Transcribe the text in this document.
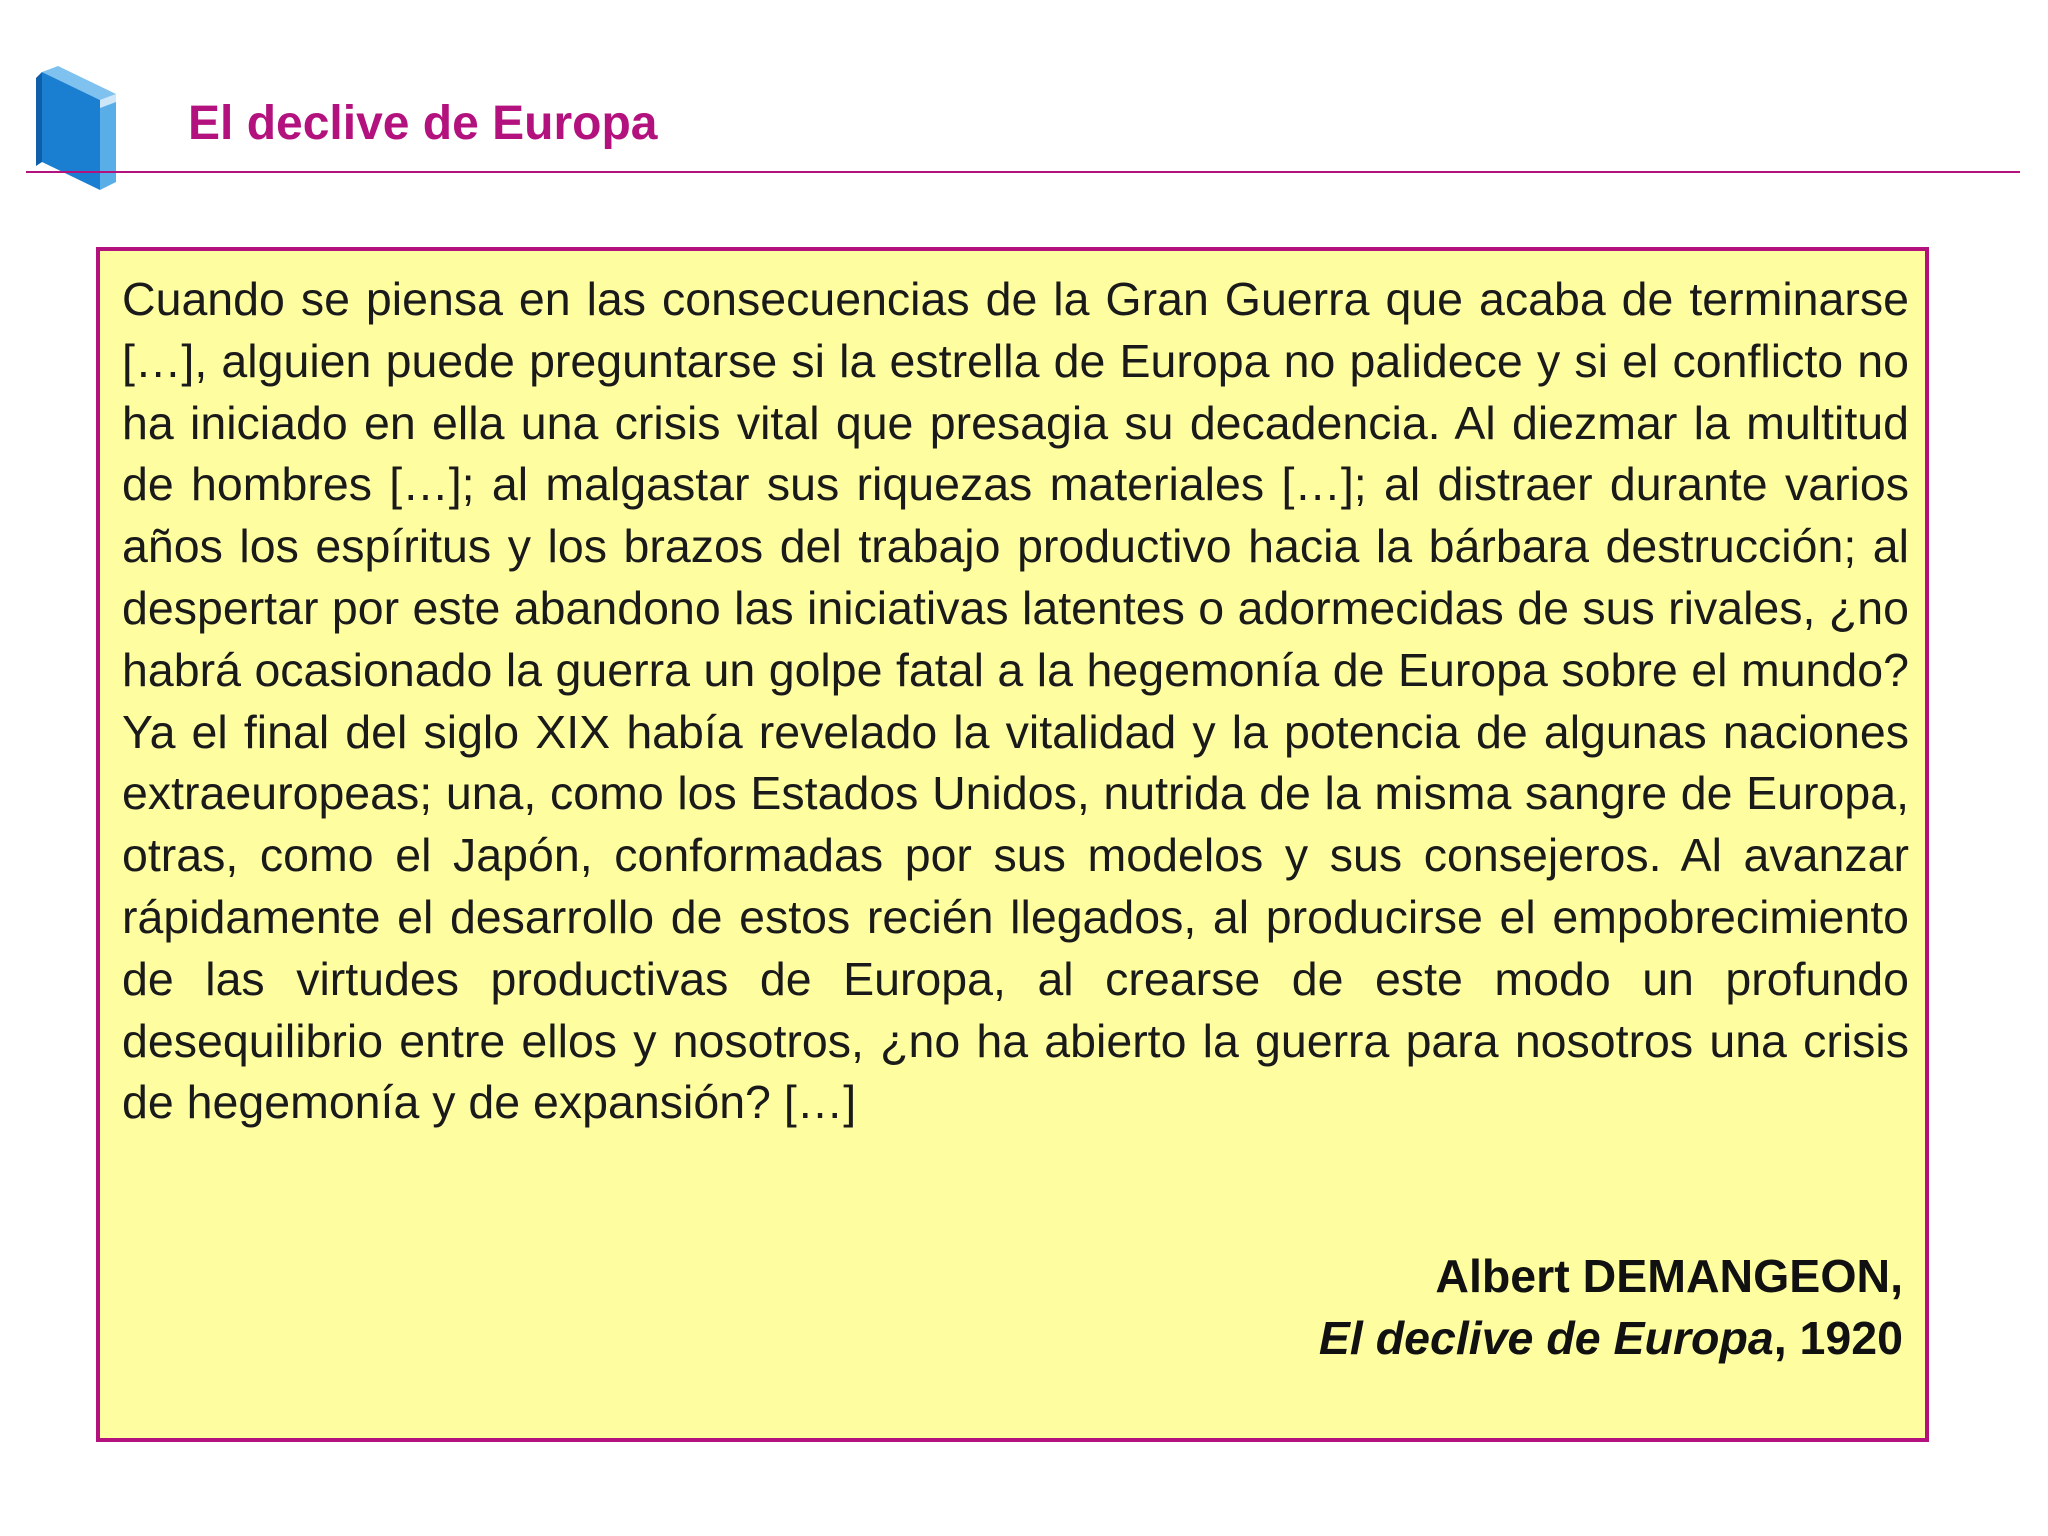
El declive de Europa

Cuando se piensa en las consecuencias de la Gran Guerra que acaba de terminarse […], alguien puede preguntarse si la estrella de Europa no palidece y si el conflicto no ha iniciado en ella una crisis vital que presagia su decadencia. Al diezmar la multitud de hombres […]; al malgastar sus riquezas materiales […]; al distraer durante varios años los espíritus y los brazos del trabajo productivo hacia la bárbara destrucción; al despertar por este abandono las iniciativas latentes o adormecidas de sus rivales, ¿no habrá ocasionado la guerra un golpe fatal a la hegemonía de Europa sobre el mundo? Ya el final del siglo XIX había revelado la vitalidad y la potencia de algunas naciones extraeuropeas; una, como los Estados Unidos, nutrida de la misma sangre de Europa, otras, como el Japón, conformadas por sus modelos y sus consejeros. Al avanzar rápidamente el desarrollo de estos recién llegados, al producirse el empobrecimiento de las virtudes productivas de Europa, al crearse de este modo un profundo desequilibrio entre ellos y nosotros, ¿no ha abierto la guerra para nosotros una crisis de hegemonía y de expansión? […]

Albert DEMANGEON,
El declive de Europa, 1920
